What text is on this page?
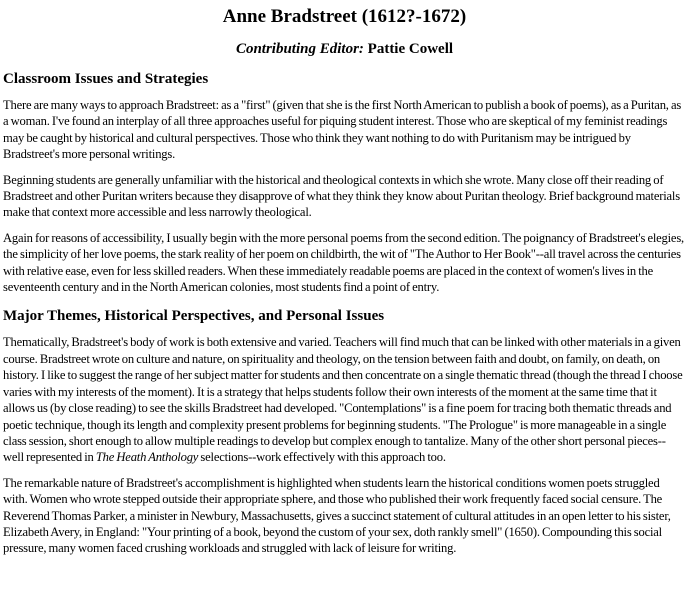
Anne Bradstreet (1612?-1672)

Contributing Editor: Pattie Cowell

Classroom Issues and Strategies

There are many ways to approach Bradstreet: as a "first" (given that she is the first North American to publish a book of poems), as a Puritan, as a woman. I've found an interplay of all three approaches useful for piquing student interest. Those who are skeptical of my feminist readings may be caught by historical and cultural perspectives. Those who think they want nothing to do with Puritanism may be intrigued by Bradstreet's more personal writings.

Beginning students are generally unfamiliar with the historical and theological contexts in which she wrote. Many close off their reading of Bradstreet and other Puritan writers because they disapprove of what they think they know about Puritan theology. Brief background materials make that context more accessible and less narrowly theological.

Again for reasons of accessibility, I usually begin with the more personal poems from the second edition. The poignancy of Bradstreet's elegies, the simplicity of her love poems, the stark reality of her poem on childbirth, the wit of "The Author to Her Book"--all travel across the centuries with relative ease, even for less skilled readers. When these immediately readable poems are placed in the context of women's lives in the seventeenth century and in the North American colonies, most students find a point of entry.

Major Themes, Historical Perspectives, and Personal Issues

Thematically, Bradstreet's body of work is both extensive and varied. Teachers will find much that can be linked with other materials in a given course. Bradstreet wrote on culture and nature, on spirituality and theology, on the tension between faith and doubt, on family, on death, on history. I like to suggest the range of her subject matter for students and then concentrate on a single thematic thread (though the thread I choose varies with my interests of the moment). It is a strategy that helps students follow their own interests of the moment at the same time that it allows us (by close reading) to see the skills Bradstreet had developed. "Contemplations" is a fine poem for tracing both thematic threads and poetic technique, though its length and complexity present problems for beginning students. "The Prologue" is more manageable in a single class session, short enough to allow multiple readings to develop but complex enough to tantalize. Many of the other short personal pieces--well represented in The Heath Anthology selections--work effectively with this approach too.

The remarkable nature of Bradstreet's accomplishment is highlighted when students learn the historical conditions women poets struggled with. Women who wrote stepped outside their appropriate sphere, and those who published their work frequently faced social censure. The Reverend Thomas Parker, a minister in Newbury, Massachusetts, gives a succinct statement of cultural attitudes in an open letter to his sister, Elizabeth Avery, in England: "Your printing of a book, beyond the custom of your sex, doth rankly smell" (1650). Compounding this social pressure, many women faced crushing workloads and struggled with lack of leisure for writing.
